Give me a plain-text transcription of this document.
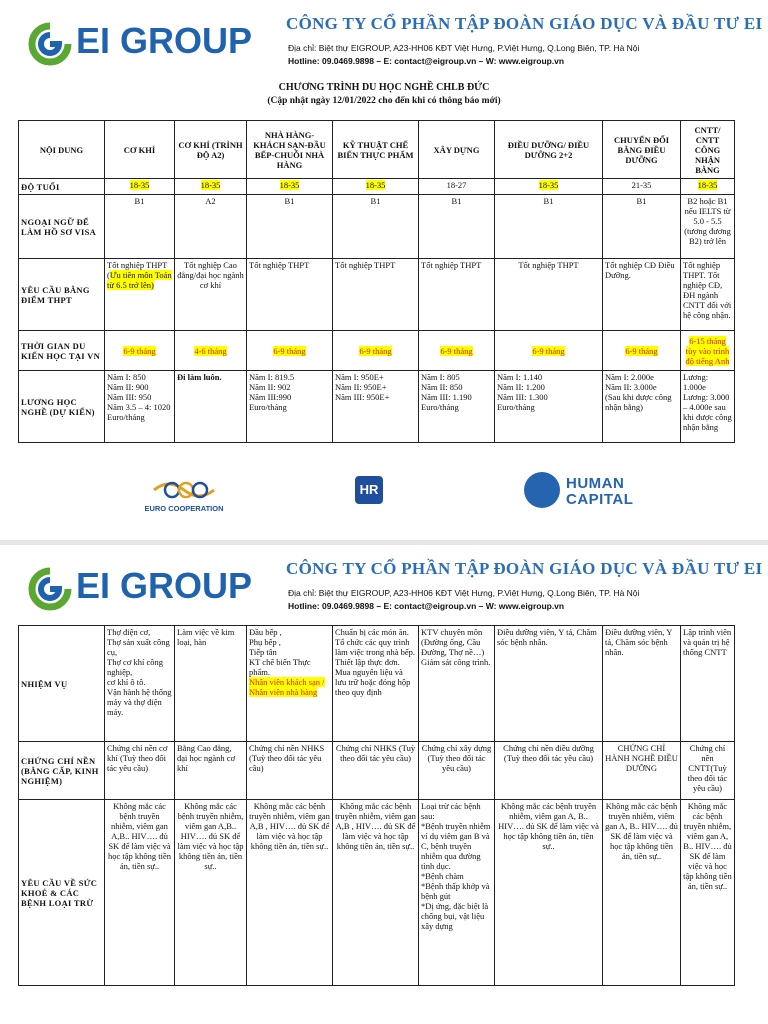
EI GROUP CÔNG TY CỔ PHẦN TẬP ĐOÀN GIÁO DỤC VÀ ĐẦU TƯ EI
Địa chỉ: Biệt thự EIGROUP, A23-HH06 KĐT Việt Hưng, P.Việt Hưng, Q.Long Biên, TP. Hà Nội
Hotline: 09.0469.9898 – E: contact@eigroup.vn – W: www.eigroup.vn
CHƯƠNG TRÌNH DU HỌC NGHỀ CHLB ĐỨC
(Cập nhật ngày 12/01/2022 cho đến khi có thông báo mới)
NỘI DUNG	CƠ KHÍ	CƠ KHÍ (TRÌNH ĐỘ A2)	NHÀ HÀNG-KHÁCH SẠN-ĐẦU BẾP-CHUỖI NHÀ HÀNG	KỸ THUẬT CHẾ BIẾN THỰC PHẨM	XÂY DỰNG	ĐIỀU DƯỠNG/ ĐIỀU DƯỠNG 2+2	CHUYỂN ĐỔI BẰNG ĐIỀU DƯỠNG	CNTT/ CNTT CÔNG NHẬN BẰNG
ĐỘ TUỔI	18-35	18-35	18-35	18-35	18-27	18-35	21-35	18-35
NGOẠI NGỮ ĐỂ LÀM HỒ SƠ VISA	B1	A2	B1	B1	B1	B1	B1	B2 hoặc B1 nếu IELTS từ 5.0 - 5.5 (tương đương B2) trở lên
YÊU CẦU BẰNG ĐIỂM THPT	Tốt nghiệp THPT (Ưu tiên môn Toán từ 6.5 trở lên)	Tốt nghiệp Cao đẳng/đại học ngành cơ khí	Tốt nghiệp THPT	Tốt nghiệp THPT	Tốt nghiệp THPT	Tốt nghiệp THPT	Tốt nghiệp CĐ Điều Dưỡng.	Tốt nghiệp THPT. Tốt nghiệp CĐ, ĐH ngành CNTT đối với hệ công nhận.
THỜI GIAN DU KIẾN HỌC TẠI VN	6-9 tháng	4-6 tháng	6-9 tháng	6-9 tháng	6-9 tháng	6-9 tháng	6-9 tháng	6-15 tháng tùy vào trình độ tiếng Anh
LƯƠNG HỌC NGHỀ (DỰ KIẾN)	Năm I: 850
Năm II: 900
Năm III: 950
Năm 3.5 – 4: 1020
Euro/tháng	Đi làm luôn.	Năm I: 819.5
Năm II: 902
Năm III:990
Euro/tháng	Năm I: 950E+
Năm II: 950E+
Năm III: 950E+	Năm I: 805
Năm II: 850
Năm III: 1.190
Euro/tháng	Năm I: 1.140
Năm II: 1.200
Năm III: 1.300
Euro/tháng	Năm I: 2.000e
Năm II: 3.000e
(Sau khi được công nhận bằng)	Lương: 1.000e
Lương: 3.000 – 4.000e sau khi được công nhận bằng
EURO COOPERATION
HR	HUMAN
CAPITAL
EI GROUP CÔNG TY CỔ PHẦN TẬP ĐOÀN GIÁO DỤC VÀ ĐẦU TƯ EI
Địa chỉ: Biệt thự EIGROUP, A23-HH06 KĐT Việt Hưng, P.Việt Hưng, Q.Long Biên, TP. Hà Nội
Hotline: 09.0469.9898 – E: contact@eigroup.vn – W: www.eigroup.vn
NHIỆM VỤ	Thợ điện cơ,
Thợ sản xuất công cụ,
Thợ cơ khí công nghiệp,
cơ khí ô tô.
Vận hành hệ thống máy và thợ điện máy.	Làm việc về kim loại, hàn	Đầu bếp ,
Phụ bếp ,
Tiếp tân
KT chế biến Thực phẩm.
Nhân viên khách sạn / Nhân viên nhà hàng	Chuẩn bị các món ăn.
Tổ chức các quy trình làm việc trong nhà bếp.
Thiết lập thực đơn.
Mua nguyên liệu và lưu trữ hoặc đóng hộp theo quy định	KTV chuyên môn (Đường ống, Cầu Đường, Thợ nề…)
Giám sát công trình.	Điều dưỡng viên, Y tá, Chăm sóc bệnh nhân.	Điều dưỡng viên, Y tá, Chăm sóc bệnh nhân.	Lập trình viên và quản trị hệ thống CNTT
CHỨNG CHỈ NỀN (BẰNG CẤP, KINH NGHIỆM)	Chứng chỉ nền cơ khí (Tuỳ theo đối tác yêu cầu)	Bằng Cao đẳng,
đại học ngành cơ khí	Chứng chỉ nền NHKS (Tuỳ theo đối tác yêu cầu)	Chứng chỉ NHKS (Tuỳ theo đối tác yêu cầu)	Chứng chỉ xây dựng (Tuỳ theo đối tác yêu cầu)	Chứng chỉ nền điều dưỡng (Tuỳ theo đối tác yêu cầu)	CHỨNG CHỈ HÀNH NGHỀ ĐIỀU DƯỠNG	Chứng chỉ nền CNTT(Tuỳ theo đối tác yêu cầu)
YÊU CẦU VỀ SỨC KHOẺ & CÁC BỆNH LOẠI TRỪ	Không mắc các bệnh truyền nhiễm, viêm gan A,B.. HIV…. đủ SK để làm việc và học tập không tiền án, tiền sự..	Không mắc các bệnh truyền nhiễm, viêm gan A,B.. HIV…. đủ SK để làm việc và học tập không tiền án, tiền sự..	Không mắc các bệnh truyền nhiễm, viêm gan A,B , HIV…. đủ SK để làm việc và học tập không tiền án, tiền sự..	Không mắc các bệnh truyền nhiễm, viêm gan A,B , HIV…. đủ SK để làm việc và học tập không tiền án, tiền sự..	Loại trừ các bệnh sau:
*Bệnh truyền nhiễm ví dụ viêm gan B và C, bệnh truyền nhiễm qua đường tình dục.
*Bệnh chàm
*Bệnh thấp khớp và bệnh gút
*Dị ứng, đặc biệt là chống bụi, vật liệu xây dựng	Không mắc các bệnh truyền nhiễm, viêm gan A, B.. HIV…. đủ SK để làm việc và học tập không tiền án, tiền sự..	Không mắc các bệnh truyền nhiễm, viêm gan A, B.. HIV…. đủ SK để làm việc và học tập không tiền án, tiền sự..	Không mắc các bệnh truyền nhiễm, viêm gan A, B.. HIV…. đủ SK để làm việc và học tập không tiền án, tiền sự..
